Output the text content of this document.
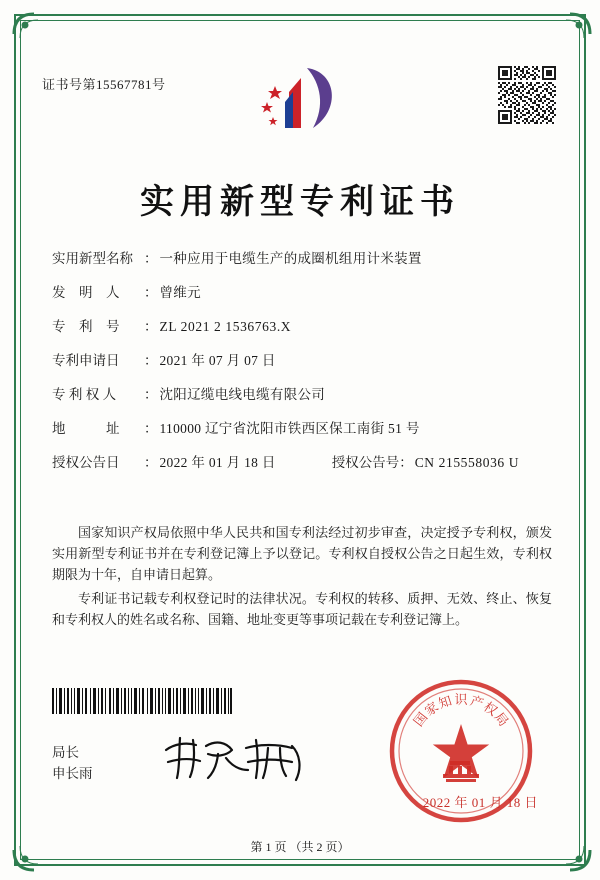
证书号第15567781号
实用新型专利证书
实用新型名称 ： 一种应用于电缆生产的成圈机组用计米装置
发　明　人	： 曾维元
专　利　号	： ZL 2021 2 1536763.X
专利申请日	： 2021 年 07 月 07 日
专 利 权 人	： 沈阳辽缆电线电缆有限公司
地　　　址	： 110000 辽宁省沈阳市铁西区保工南街 51 号
授权公告日	： 2022 年 01 月 18 日	授权公告号 ： CN 215558036 U
国家知识产权局依照中华人民共和国专利法经过初步审查，决定授予专利权，颁发实用新型专利证书并在专利登记簿上予以登记。专利权自授权公告之日起生效，专利权期限为十年，自申请日起算。
专利证书记载专利权登记时的法律状况。专利权的转移、质押、无效、终止、恢复和专利权人的姓名或名称、国籍、地址变更等事项记载在专利登记簿上。
局长
申长雨
国
家
知 识 产
权
局
2022 年 01 月 18 日
第 1 页 （共 2 页）
